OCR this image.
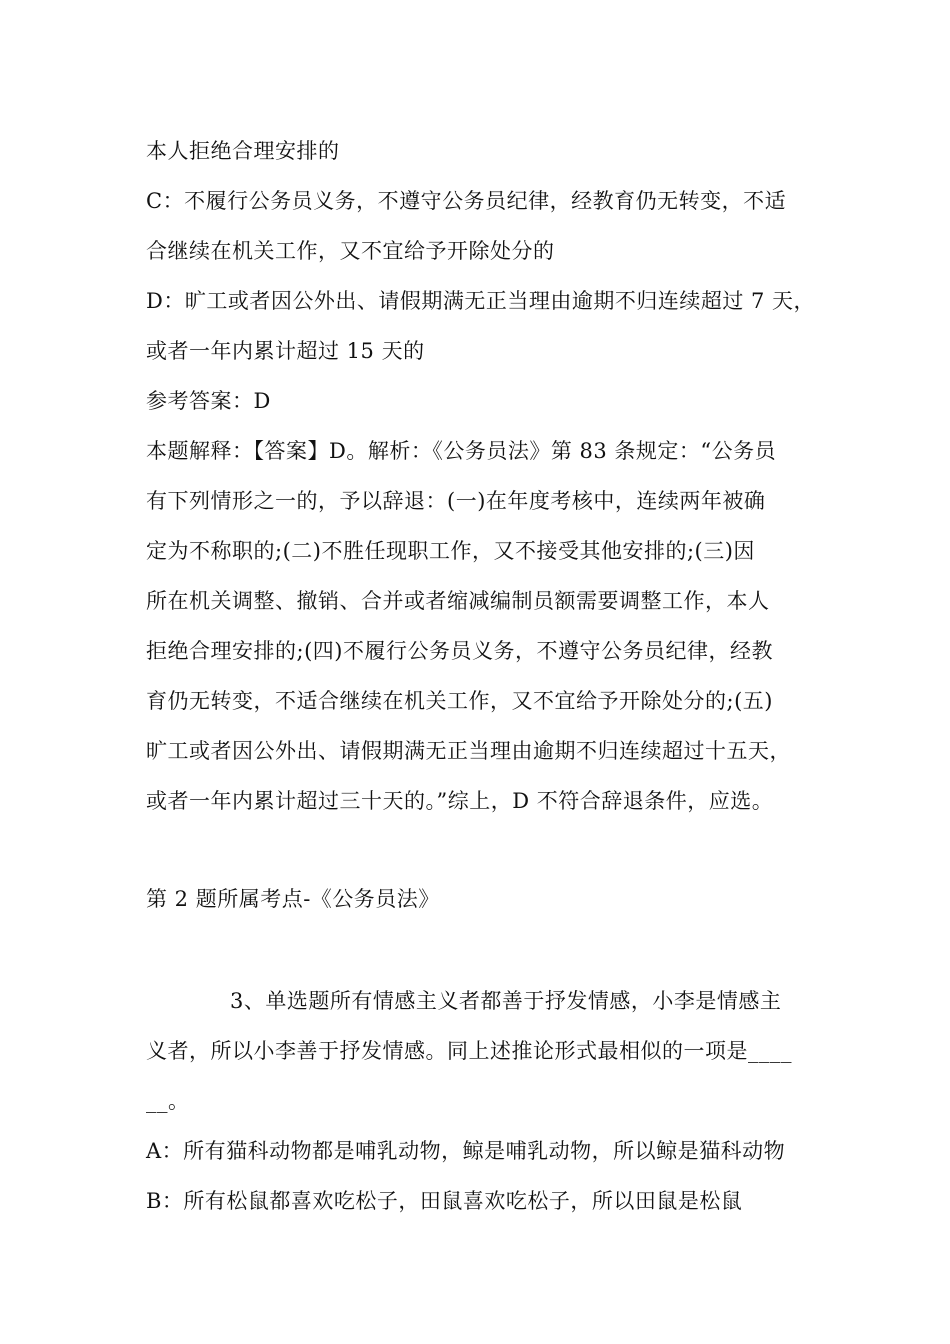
本人拒绝合理安排的
C：不履行公务员义务，不遵守公务员纪律，经教育仍无转变，不适
合继续在机关工作，又不宜给予开除处分的
D：旷工或者因公外出、请假期满无正当理由逾期不归连续超过 7 天，
或者一年内累计超过 15 天的
参考答案：D
本题解释：【答案】D。解析：《公务员法》第 83 条规定：“公务员
有下列情形之一的，予以辞退：(一)在年度考核中，连续两年被确
定为不称职的;(二)不胜任现职工作，又不接受其他安排的;(三)因
所在机关调整、撤销、合并或者缩减编制员额需要调整工作，本人
拒绝合理安排的;(四)不履行公务员义务，不遵守公务员纪律，经教
育仍无转变，不适合继续在机关工作，又不宜给予开除处分的;(五)
旷工或者因公外出、请假期满无正当理由逾期不归连续超过十五天，
或者一年内累计超过三十天的。”综上，D 不符合辞退条件，应选。
第 2 题所属考点-《公务员法》
3、单选题所有情感主义者都善于抒发情感，小李是情感主
义者，所以小李善于抒发情感。同上述推论形式最相似的一项是____
__。
A：所有猫科动物都是哺乳动物，鲸是哺乳动物，所以鲸是猫科动物
B：所有松鼠都喜欢吃松子，田鼠喜欢吃松子，所以田鼠是松鼠
